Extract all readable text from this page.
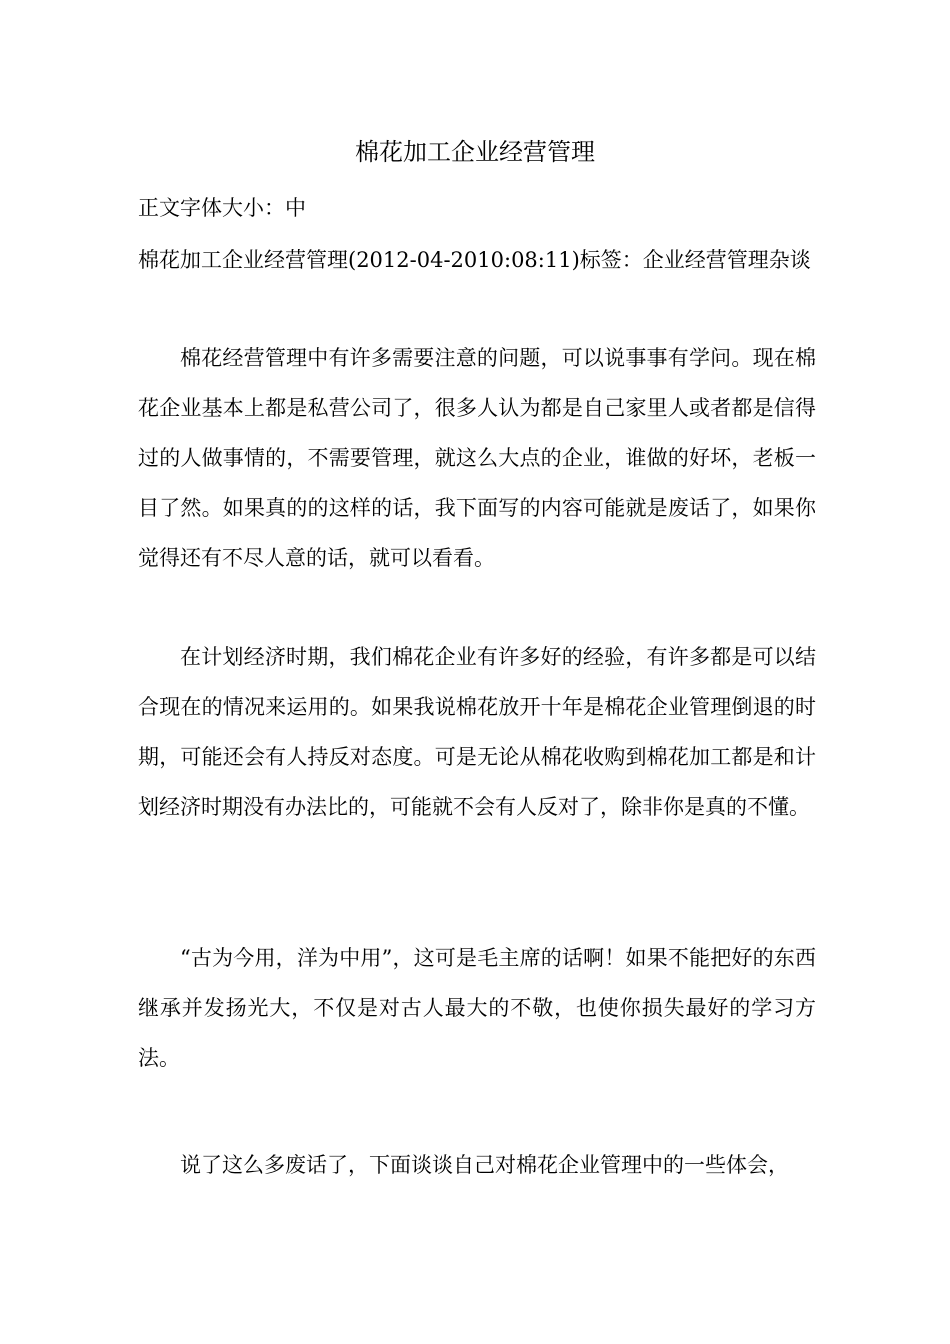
棉花加工企业经营管理
正文字体大小：中
棉花加工企业经营管理(2012-04-2010:08:11)标签：企业经营管理杂谈

棉花经营管理中有许多需要注意的问题，可以说事事有学问。现在棉花企业基本上都是私营公司了，很多人认为都是自己家里人或者都是信得过的人做事情的，不需要管理，就这么大点的企业，谁做的好坏，老板一目了然。如果真的的这样的话，我下面写的内容可能就是废话了，如果你觉得还有不尽人意的话，就可以看看。

在计划经济时期，我们棉花企业有许多好的经验，有许多都是可以结合现在的情况来运用的。如果我说棉花放开十年是棉花企业管理倒退的时期，可能还会有人持反对态度。可是无论从棉花收购到棉花加工都是和计划经济时期没有办法比的，可能就不会有人反对了，除非你是真的不懂。

“古为今用，洋为中用”，这可是毛主席的话啊！如果不能把好的东西继承并发扬光大，不仅是对古人最大的不敬，也使你损失最好的学习方法。

说了这么多废话了，下面谈谈自己对棉花企业管理中的一些体会，
